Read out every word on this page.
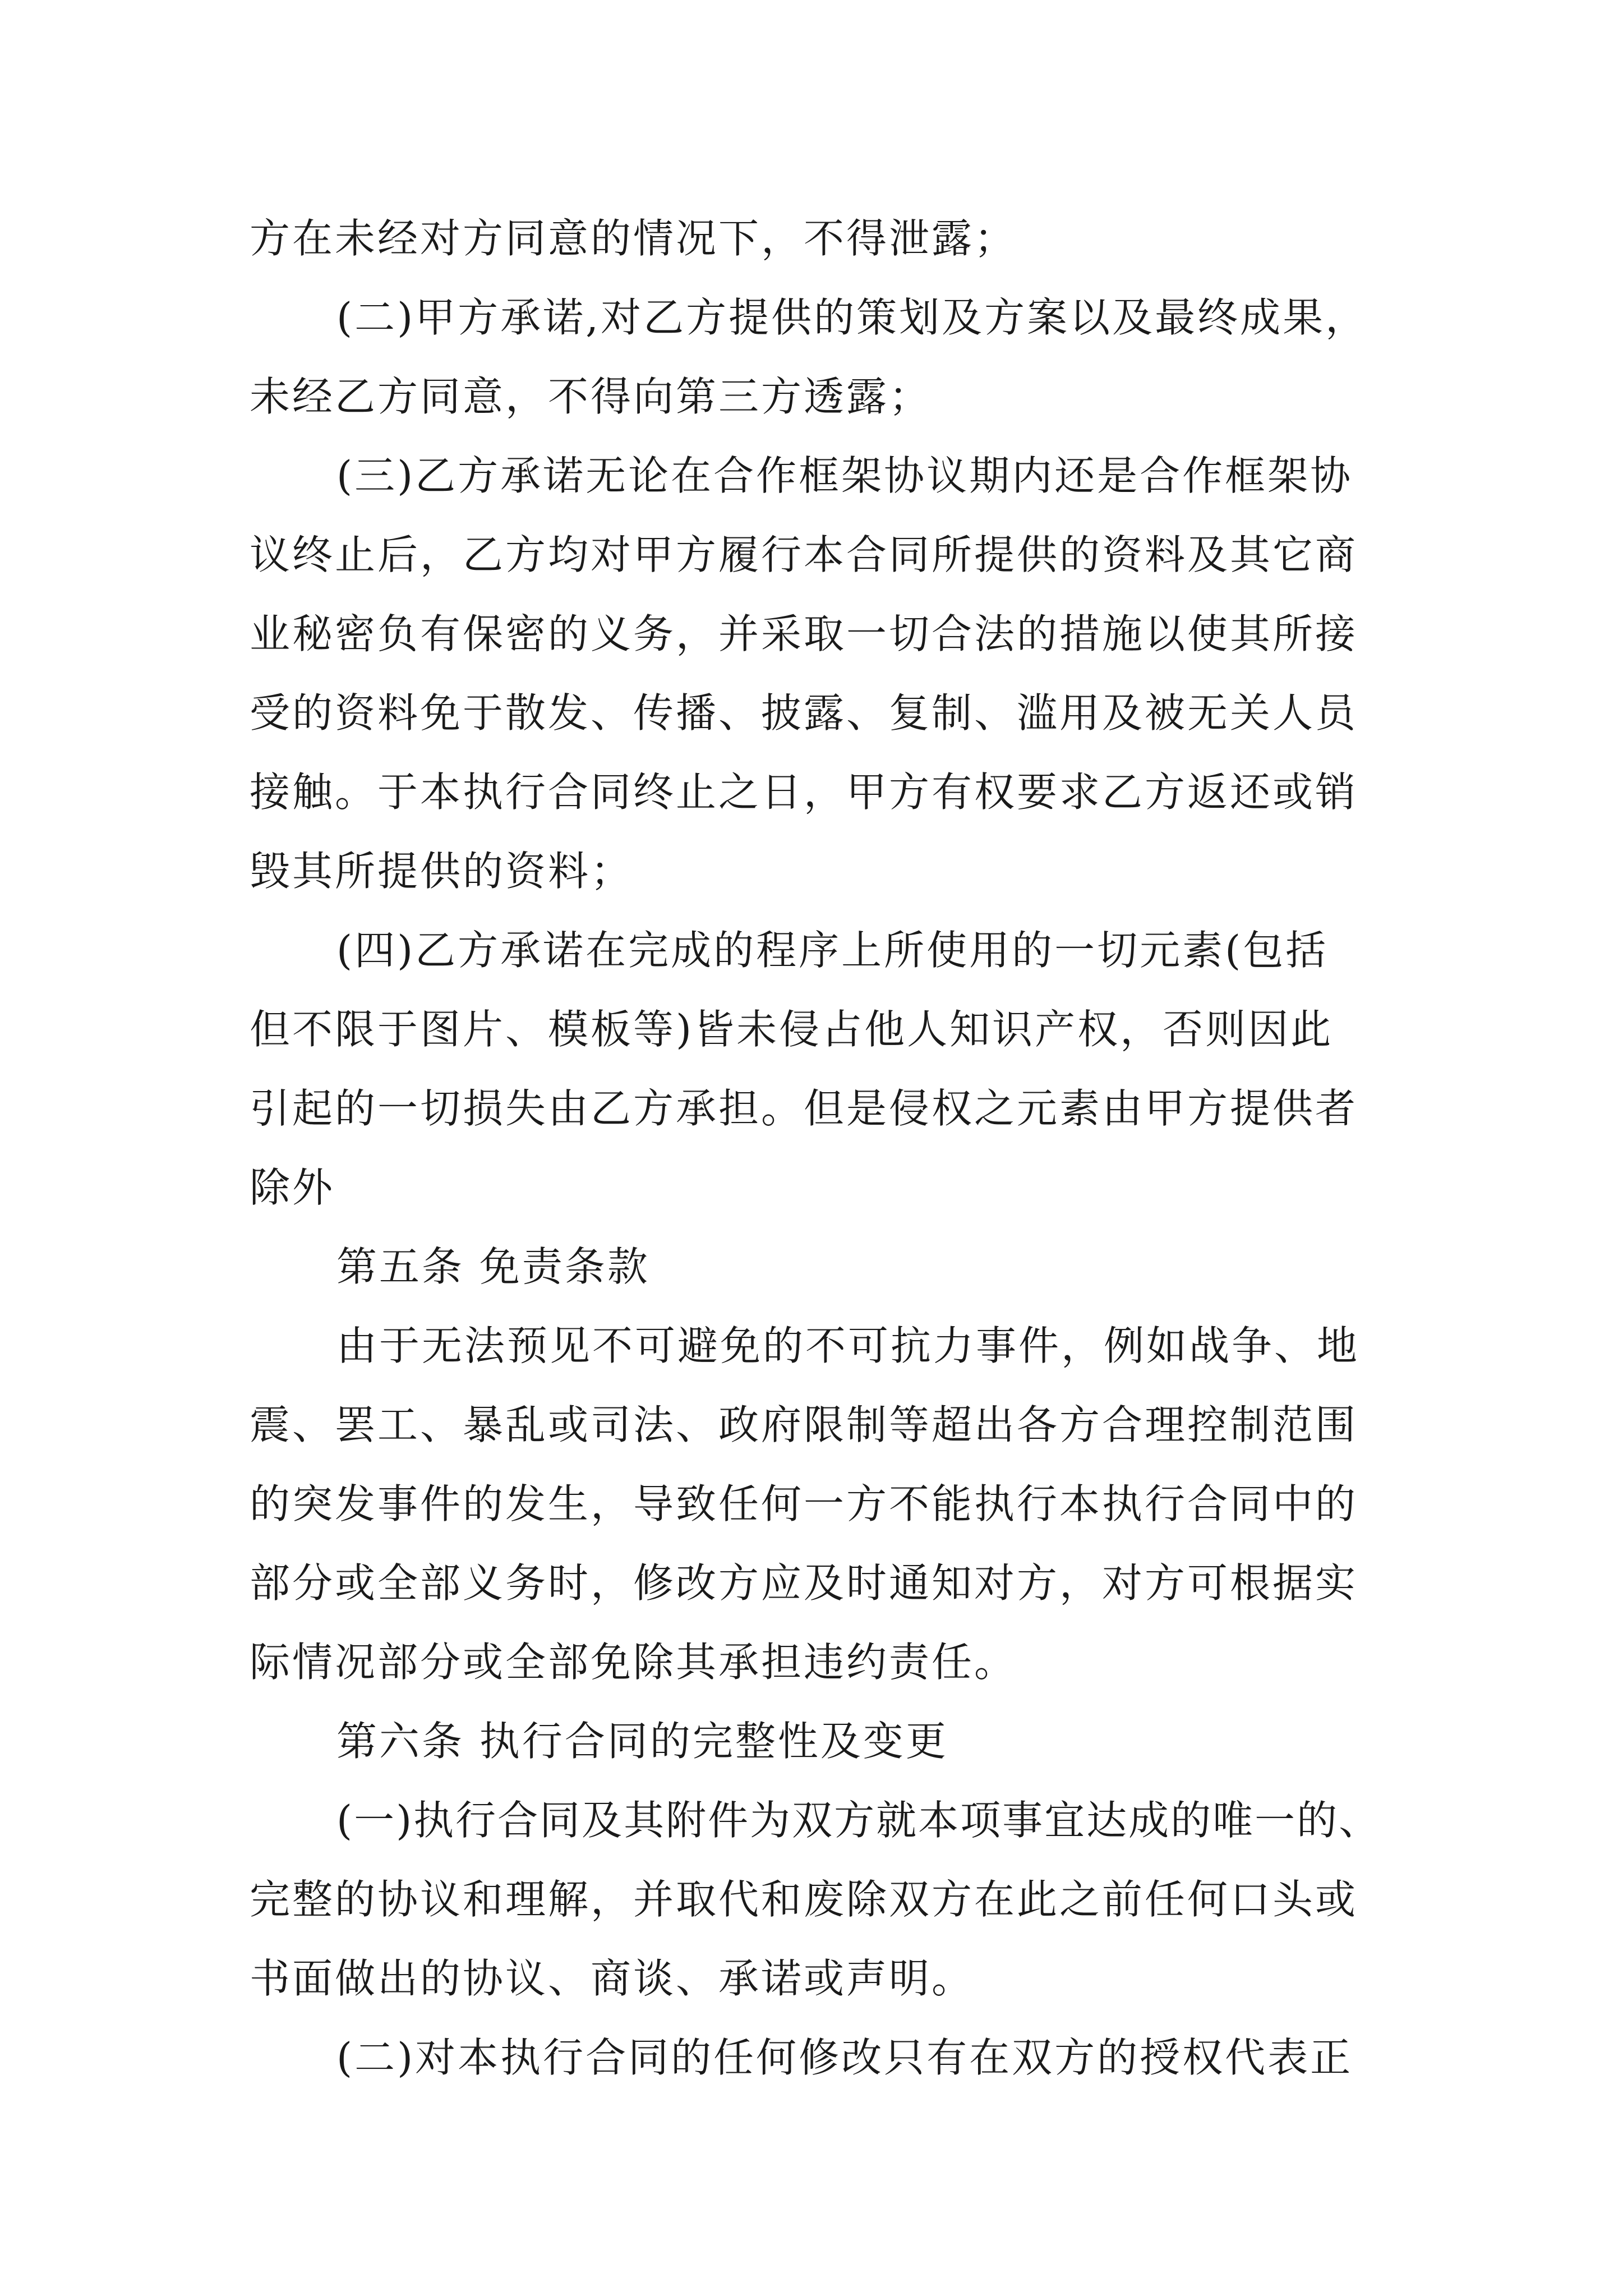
方在未经对方同意的情况下，不得泄露；
(二)甲方承诺,对乙方提供的策划及方案以及最终成果，
未经乙方同意，不得向第三方透露；
(三)乙方承诺无论在合作框架协议期内还是合作框架协
议终止后，乙方均对甲方履行本合同所提供的资料及其它商
业秘密负有保密的义务，并采取一切合法的措施以使其所接
受的资料免于散发、传播、披露、复制、滥用及被无关人员
接触。于本执行合同终止之日，甲方有权要求乙方返还或销
毁其所提供的资料；
(四)乙方承诺在完成的程序上所使用的一切元素(包括
但不限于图片、模板等)皆未侵占他人知识产权，否则因此
引起的一切损失由乙方承担。但是侵权之元素由甲方提供者
除外
第五条 免责条款
由于无法预见不可避免的不可抗力事件，例如战争、地
震、罢工、暴乱或司法、政府限制等超出各方合理控制范围
的突发事件的发生，导致任何一方不能执行本执行合同中的
部分或全部义务时，修改方应及时通知对方，对方可根据实
际情况部分或全部免除其承担违约责任。
第六条 执行合同的完整性及变更
(一)执行合同及其附件为双方就本项事宜达成的唯一的、
完整的协议和理解，并取代和废除双方在此之前任何口头或
书面做出的协议、商谈、承诺或声明。
(二)对本执行合同的任何修改只有在双方的授权代表正
